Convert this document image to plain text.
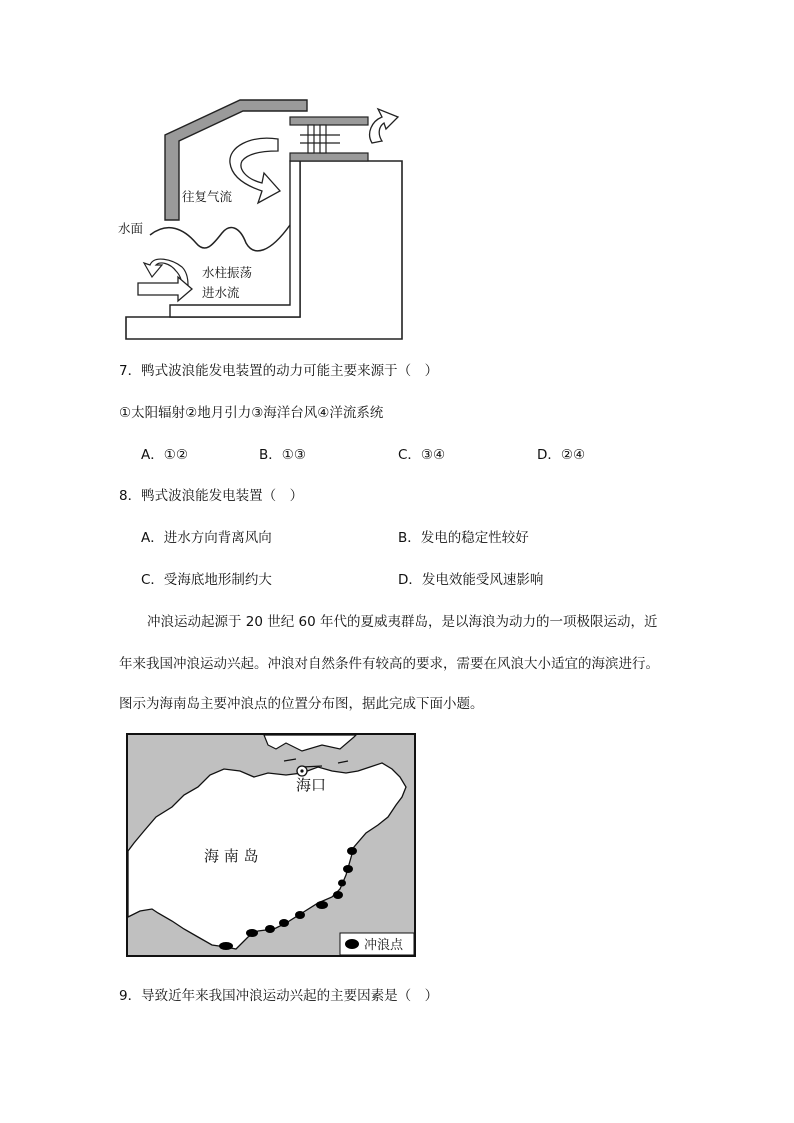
往复气流
水面
水柱振荡
进水流
7．鸭式波浪能发电装置的动力可能主要来源于（　）
①太阳辐射②地月引力③海洋台风④洋流系统
A．①②	B．①③	C．③④	D．②④
8．鸭式波浪能发电装置（　）
A．进水方向背离风向	B．发电的稳定性较好
C．受海底地形制约大	D．发电效能受风速影响
冲浪运动起源于 20 世纪 60 年代的夏威夷群岛，是以海浪为动力的一项极限运动，近
年来我国冲浪运动兴起。冲浪对自然条件有较高的要求，需要在风浪大小适宜的海滨进行。
图示为海南岛主要冲浪点的位置分布图，据此完成下面小题。
海口
海 南 岛
冲浪点
9．导致近年来我国冲浪运动兴起的主要因素是（　）
